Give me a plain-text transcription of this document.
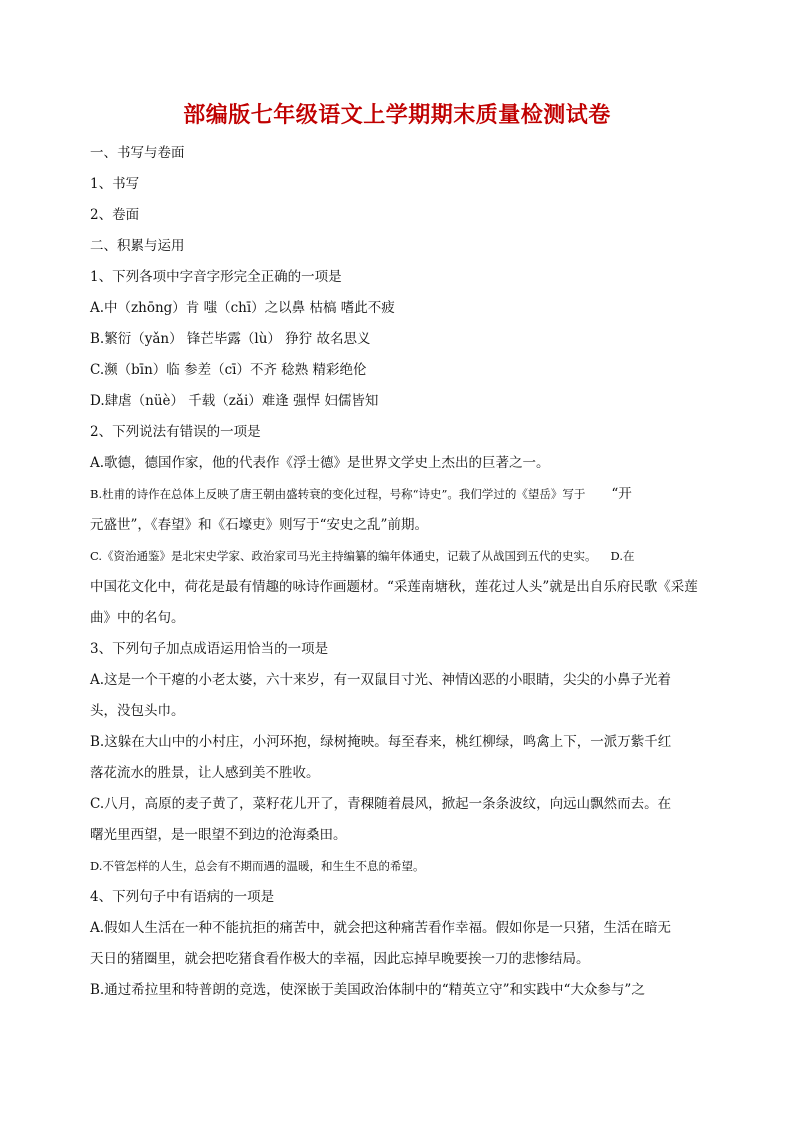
部编版七年级语文上学期期末质量检测试卷
一、书写与卷面
1、书写
2、卷面
二、积累与运用
1、下列各项中字音字形完全正确的一项是
A.中（zhōng）肯 嗤（chī）之以鼻 枯槁 嗜此不疲
B.繁衍（yǎn） 锋芒毕露（lù） 狰狞 故名思义
C.濒（bīn）临 参差（cī）不齐 稔熟 精彩绝伦
D.肆虐（nüè） 千载（zǎi）难逢 强悍 妇儒皆知
2、下列说法有错误的一项是
A.歌德，德国作家，他的代表作《浮士德》是世界文学史上杰出的巨著之一。
B.杜甫的诗作在总体上反映了唐王朝由盛转衰的变化过程，号称“诗史”。我们学过的《望岳》写于 “开
元盛世”，《春望》和《石壕吏》则写于“安史之乱”前期。
C.《资治通鉴》是北宋史学家、政治家司马光主持编纂的编年体通史，记载了从战国到五代的史实。 D.在
中国花文化中，荷花是最有情趣的咏诗作画题材。“采莲南塘秋，莲花过人头”就是出自乐府民歌《采莲
曲》中的名句。
3、下列句子加点成语运用恰当的一项是
A.这是一个干瘪的小老太婆，六十来岁，有一双鼠目寸光、神情凶恶的小眼睛，尖尖的小鼻子光着
头，没包头巾。
B.这躲在大山中的小村庄，小河环抱，绿树掩映。每至春来，桃红柳绿，鸣禽上下，一派万紫千红
落花流水的胜景，让人感到美不胜收。
C.八月，高原的麦子黄了，菜籽花儿开了，青稞随着晨风，掀起一条条波纹，向远山飘然而去。在
曙光里西望，是一眼望不到边的沧海桑田。
D.不管怎样的人生，总会有不期而遇的温暖，和生生不息的希望。
4、下列句子中有语病的一项是
A.假如人生活在一种不能抗拒的痛苦中，就会把这种痛苦看作幸福。假如你是一只猪，生活在暗无
天日的猪圈里，就会把吃猪食看作极大的幸福，因此忘掉早晚要挨一刀的悲惨结局。
B.通过希拉里和特普朗的竞选，使深嵌于美国政治体制中的“精英立守”和实践中“大众参与”之
